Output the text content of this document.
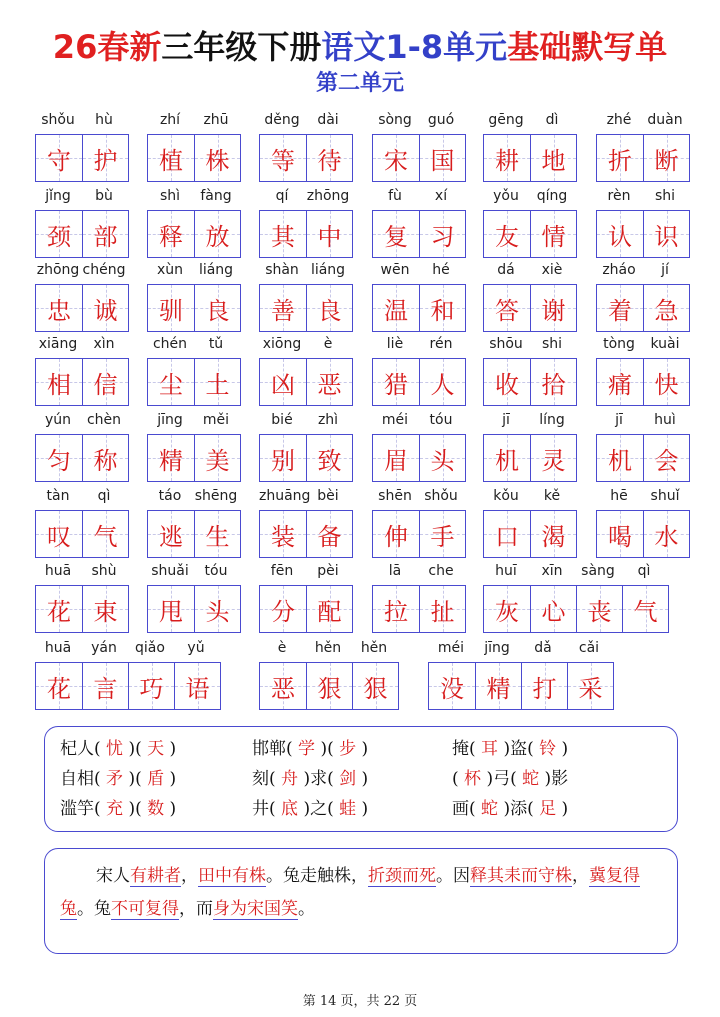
26春新三年级下册语文1-8单元基础默写单
第二单元
shǒu	hù
守 护
zhí	zhū
植 株
děng	dài
等 待
sòng	guó
宋 国
gēng	dì
耕 地
zhé	duàn
折 断
jǐng	bù
颈 部
shì	fàng
释 放
qí	zhōng
其 中
fù	xí
复 习
yǒu	qíng
友 情
rèn	shi
认 识
zhōng chéng
忠 诚
xùn	liáng
驯 良
shàn liáng
善 良
wēn	hé
温 和
dá	xiè
答 谢
zháo	jí
着 急
xiāng	xìn
相 信
chén	tǔ
尘 土
xiōng	è
凶 恶
liè	rén
猎 人
shōu	shi
收 拾
tòng	kuài
痛 快
yún	chèn
匀 称
jīng	měi
精 美
bié	zhì
别 致
méi	tóu
眉 头
jī	líng
机 灵
jī	huì
机 会
tàn	qì
叹 气
táo shēng
逃 生
zhuāng bèi
装 备
shēn shǒu
伸 手
kǒu	kě
口 渴
hē	shuǐ
喝 水
huā	shù
花 束
shuǎi	tóu
甩 头
fēn	pèi
分 配
lā	che
拉 扯
huī	xīn	sàng	qì
灰 心 丧 气
huā	yán	qiǎo	yǔ
花 言 巧 语
è	hěn	hěn
恶 狠 狠
méi	jīng	dǎ	cǎi
没 精 打 采
杞人( 忧 )( 天 )	邯郸( 学 )( 步 )	掩( 耳 )盗( 铃 )
自相( 矛 )( 盾 )	刻( 舟 )求( 剑 )	( 杯 )弓( 蛇 )影
滥竽( 充 )( 数 )	井( 底 )之( 蛙 )	画( 蛇 )添( 足 )
宋人有耕者，田中有株。兔走触株，折颈而死。因释其耒而守株，冀复得兔。兔不可复得，而身为宋国笑。
第 14 页，共 22 页
